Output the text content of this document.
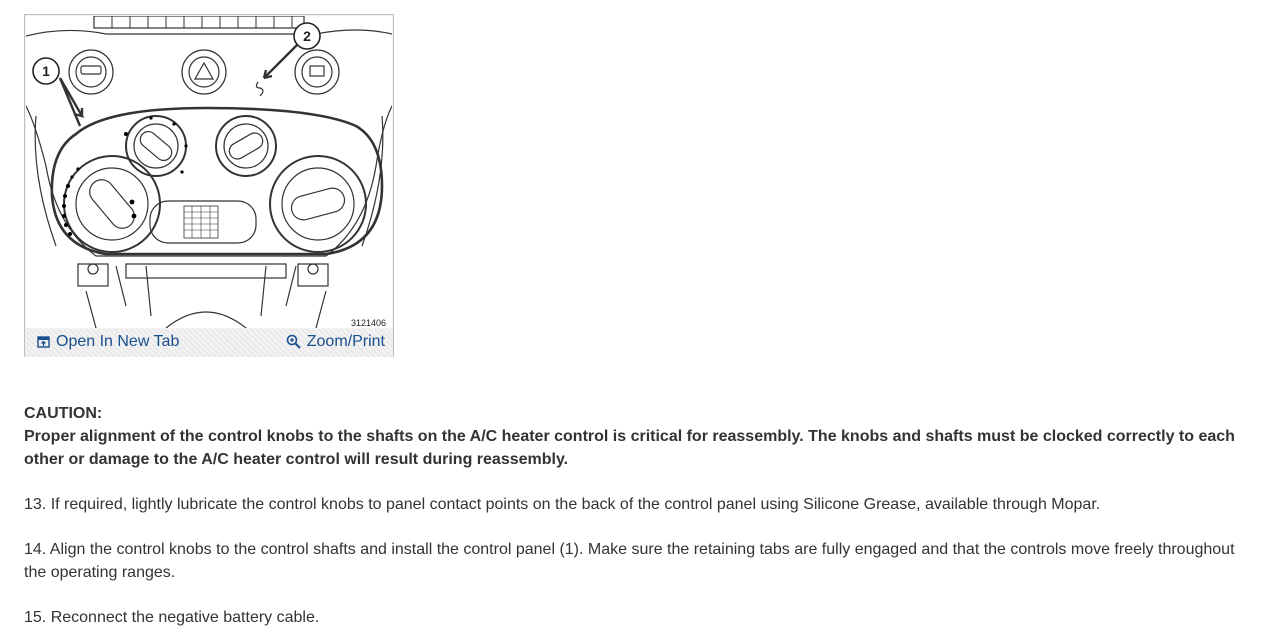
1
2
3121406
Open In New Tab	Zoom/Print

CAUTION:

Proper alignment of the control knobs to the shafts on the A/C heater control is critical for reassembly. The knobs and shafts must be clocked correctly to each other or damage to the A/C heater control will result during reassembly.

13. If required, lightly lubricate the control knobs to panel contact points on the back of the control panel using Silicone Grease, available through Mopar.

14. Align the control knobs to the control shafts and install the control panel (1). Make sure the retaining tabs are fully engaged and that the controls move freely throughout the operating ranges.

15. Reconnect the negative battery cable.
